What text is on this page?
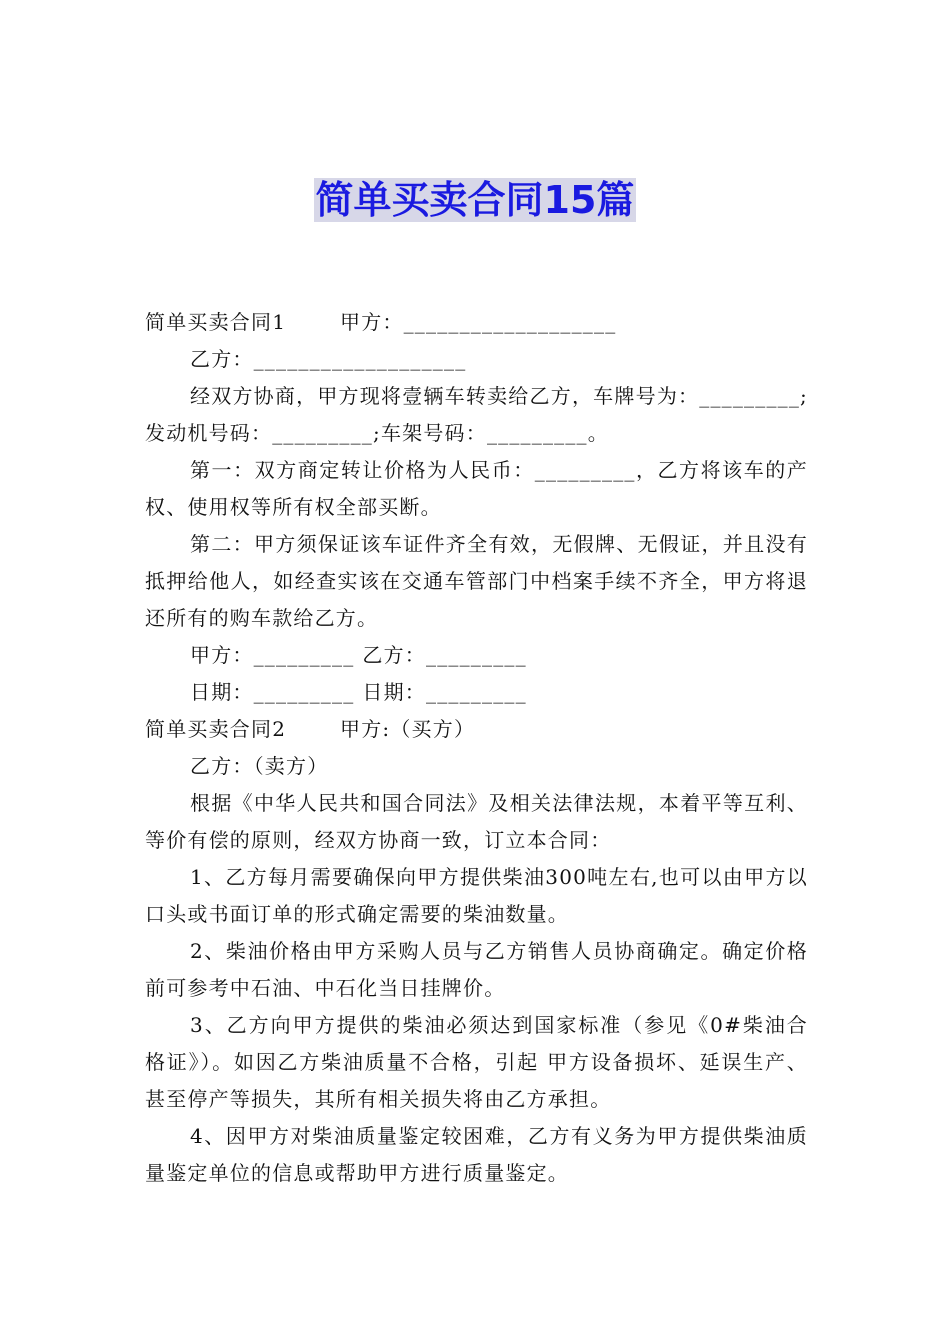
简单买卖合同15篇

简单买卖合同1	甲方：___________________

乙方：___________________

经双方协商，甲方现将壹辆车转卖给乙方，车牌号为：_________;发动机号码：_________;车架号码：_________。

第一：双方商定转让价格为人民币：_________，乙方将该车的产权、使用权等所有权全部买断。

第二：甲方须保证该车证件齐全有效，无假牌、无假证，并且没有抵押给他人，如经查实该在交通车管部门中档案手续不齐全，甲方将退还所有的购车款给乙方。

甲方：_________ 乙方：_________

日期：_________ 日期：_________

简单买卖合同2	甲方:（买方）

乙方：（卖方）

根据《中华人民共和国合同法》及相关法律法规，本着平等互利、等价有偿的原则，经双方协商一致，订立本合同：

1、乙方每月需要确保向甲方提供柴油300吨左右,也可以由甲方以口头或书面订单的形式确定需要的柴油数量。

2、柴油价格由甲方采购人员与乙方销售人员协商确定。确定价格前可参考中石油、中石化当日挂牌价。

3、乙方向甲方提供的柴油必须达到国家标准（参见《0#柴油合格证》）。如因乙方柴油质量不合格，引起 甲方设备损坏、延误生产、甚至停产等损失，其所有相关损失将由乙方承担。

4、因甲方对柴油质量鉴定较困难，乙方有义务为甲方提供柴油质量鉴定单位的信息或帮助甲方进行质量鉴定。
